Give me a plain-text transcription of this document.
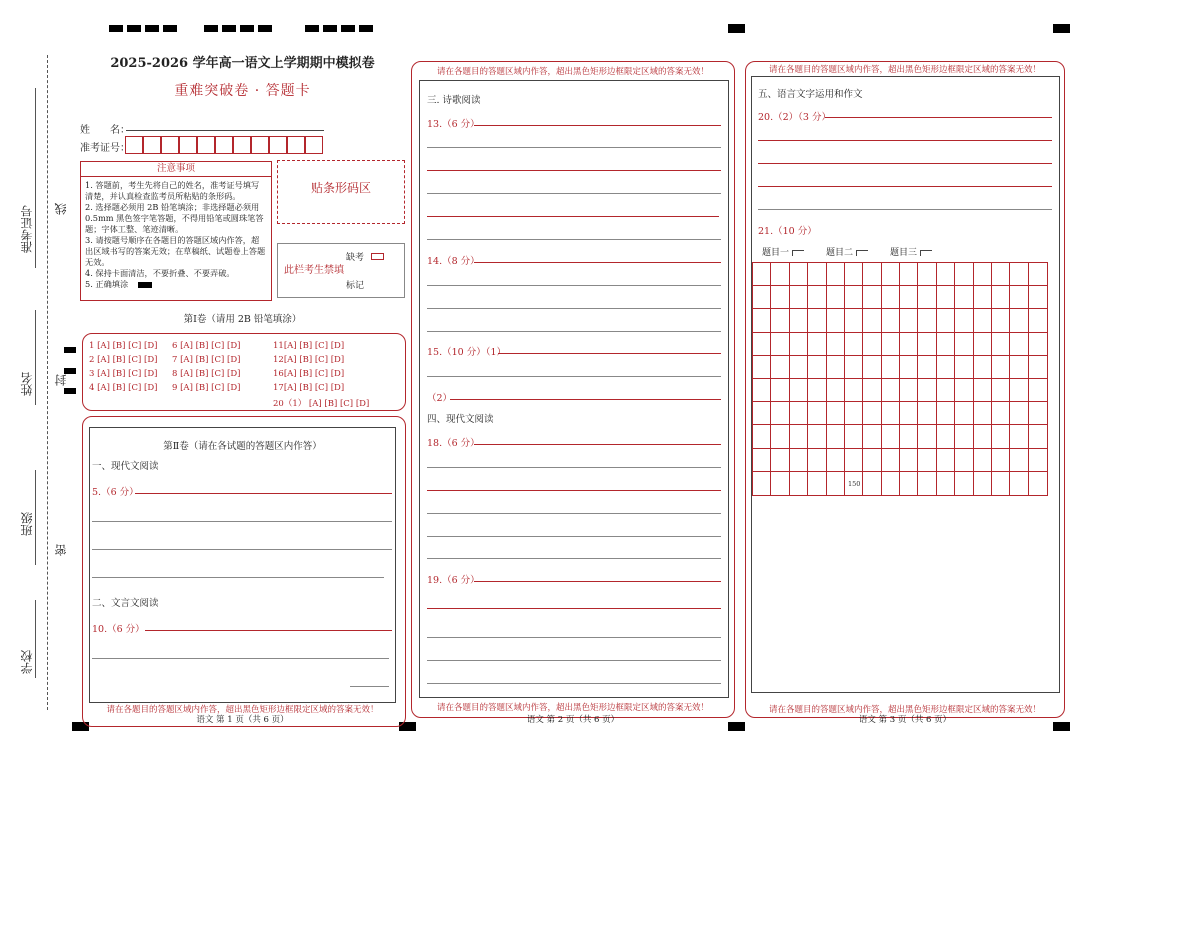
准考证号 线
姓名 封
班级
密
学校
2025-2026 学年高一语文上学期期中模拟卷
重难突破卷 · 答题卡
姓　　名：
准考证号：
注意事项
1. 答题前，考生先将自己的姓名，准考证号填写清楚，并认真检查监考员所粘贴的条形码。
2. 选择题必须用 2B 铅笔填涂；非选择题必须用 0.5mm 黑色签字笔答题，不得用铅笔或圆珠笔答题；字体工整、笔迹清晰。
3. 请按题号顺序在各题目的答题区域内作答，超出区域书写的答案无效；在草稿纸、试题卷上答题无效。
4. 保持卡面清洁，不要折叠、不要弄破。
5. 正确填涂
贴条形码区
此栏考生禁填
缺考
标记
第Ⅰ卷（请用 2B 铅笔填涂）
1 [A] [B] [C] [D]
2 [A] [B] [C] [D]
3 [A] [B] [C] [D]
4 [A] [B] [C] [D]
6 [A] [B] [C] [D]
7 [A] [B] [C] [D]
8 [A] [B] [C] [D]
9 [A] [B] [C] [D]
11[A] [B] [C] [D]
12[A] [B] [C] [D]
16[A] [B] [C] [D]
17[A] [B] [C] [D]
20（1） [A] [B] [C] [D]
第Ⅱ卷（请在各试题的答题区内作答）
一、现代文阅读
5.（6 分）
二、文言文阅读
10.（6 分）
请在各题目的答题区域内作答，超出黑色矩形边框限定区域的答案无效！
语文 第 1 页（共 6 页）
请在各题目的答题区域内作答，超出黑色矩形边框限定区域的答案无效！
三. 诗歌阅读
13.（6 分）
14.（8 分）
15.（10 分）（1）
（2）
四、现代文阅读
18.（6 分）
19.（6 分）
请在各题目的答题区域内作答，超出黑色矩形边框限定区域的答案无效！
语文 第 2 页（共 6 页）
请在各题目的答题区域内作答，超出黑色矩形边框限定区域的答案无效！
五、语言文字运用和作文
20.（2）（3 分）
21.（10 分）
题目一	题目二	题目三
150
请在各题目的答题区域内作答，超出黑色矩形边框限定区域的答案无效！
语文 第 3 页（共 6 页）
